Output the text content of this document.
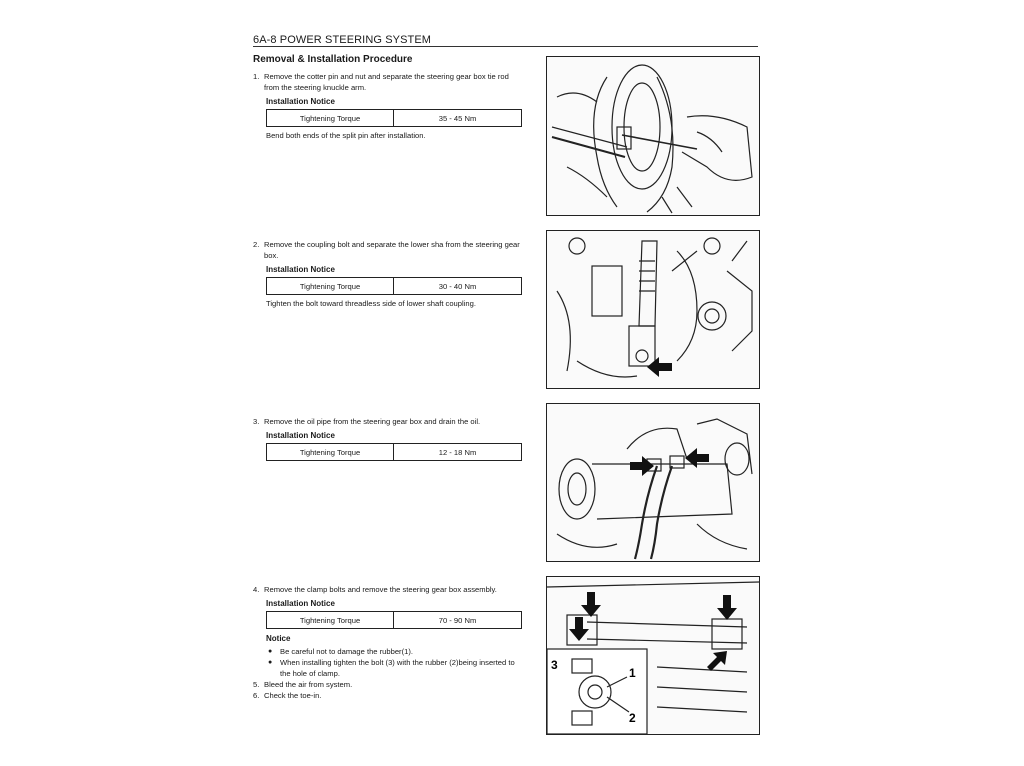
6A-8 POWER STEERING SYSTEM
Removal & Installation Procedure
1. Remove the cotter pin and nut and separate the steering gear box tie rod from the steering knuckle arm.
Installation Notice
Tightening Torque	35 - 45 Nm
Bend both ends of the split pin after installation.
2. Remove the coupling bolt and separate the lower sha from the steering gear box.
Installation Notice
Tightening Torque	30 - 40 Nm
Tighten the bolt toward threadless side of lower shaft coupling.
3. Remove the oil pipe from the steering gear box and drain the oil.
Installation Notice
Tightening Torque	12 - 18 Nm
4. Remove the clamp bolts and remove the steering gear box assembly.
Installation Notice
Tightening Torque	70 - 90 Nm
Notice
● Be careful not to damage the rubber(1).
● When installing tighten the bolt (3) with the rubber (2)being inserted to the hole of clamp.
5. Bleed the air from system.
6. Check the toe-in.
3
1
2
